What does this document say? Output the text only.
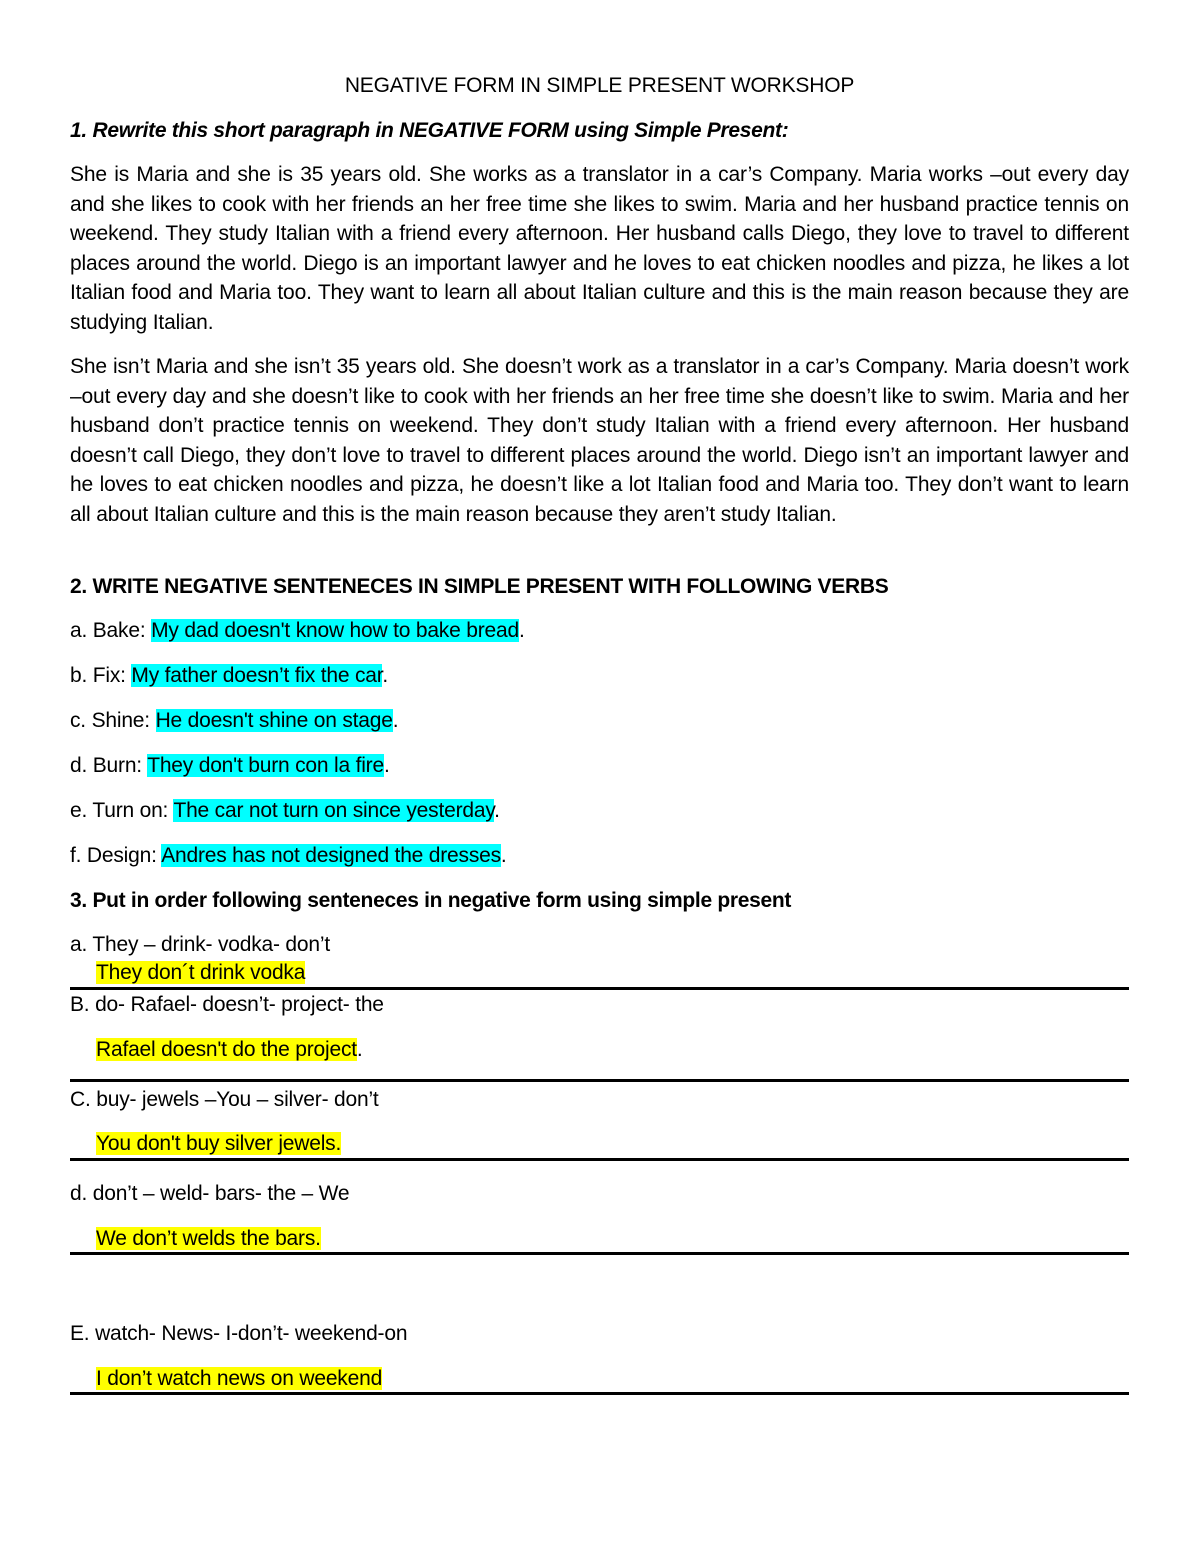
NEGATIVE FORM IN SIMPLE PRESENT WORKSHOP

1. Rewrite this short paragraph in NEGATIVE FORM using Simple Present:

She is Maria and she is 35 years old. She works as a translator in a car’s Company. Maria works –out every day and she likes to cook with her friends an her free time she likes to swim. Maria and her husband practice tennis on weekend. They study Italian with a friend every afternoon. Her husband calls Diego, they love to travel to different places around the world. Diego is an important lawyer and he loves to eat chicken noodles and pizza, he likes a lot Italian food and Maria too. They want to learn all about Italian culture and this is the main reason because they are studying Italian.

She isn’t Maria and she isn’t 35 years old. She doesn’t work as a translator in a car’s Company. Maria doesn’t work –out every day and she doesn’t like to cook with her friends an her free time she doesn’t like to swim. Maria and her husband don’t practice tennis on weekend. They don’t study Italian with a friend every afternoon. Her husband doesn’t call Diego, they don’t love to travel to different places around the world. Diego isn’t an important lawyer and he loves to eat chicken noodles and pizza, he doesn’t like a lot Italian food and Maria too. They don’t want to learn all about Italian culture and this is the main reason because they aren’t study Italian.

2. WRITE NEGATIVE SENTENECES IN SIMPLE PRESENT WITH FOLLOWING VERBS

a. Bake: My dad doesn't know how to bake bread.
b. Fix: My father doesn’t fix the car.
c. Shine: He doesn't shine on stage.
d. Burn: They don't burn con la fire.
e. Turn on: The car not turn on since yesterday.
f. Design: Andres has not designed the dresses.

3. Put in order following senteneces in negative form using simple present

a. They – drink- vodka- don’t
They don´t drink vodka
B. do- Rafael- doesn’t- project- the
Rafael doesn't do the project.
C. buy- jewels –You – silver- don’t
You don't buy silver jewels.
d. don’t – weld- bars- the – We
We don’t welds the bars.
E. watch- News- I-don’t- weekend-on
I don’t watch news on weekend
